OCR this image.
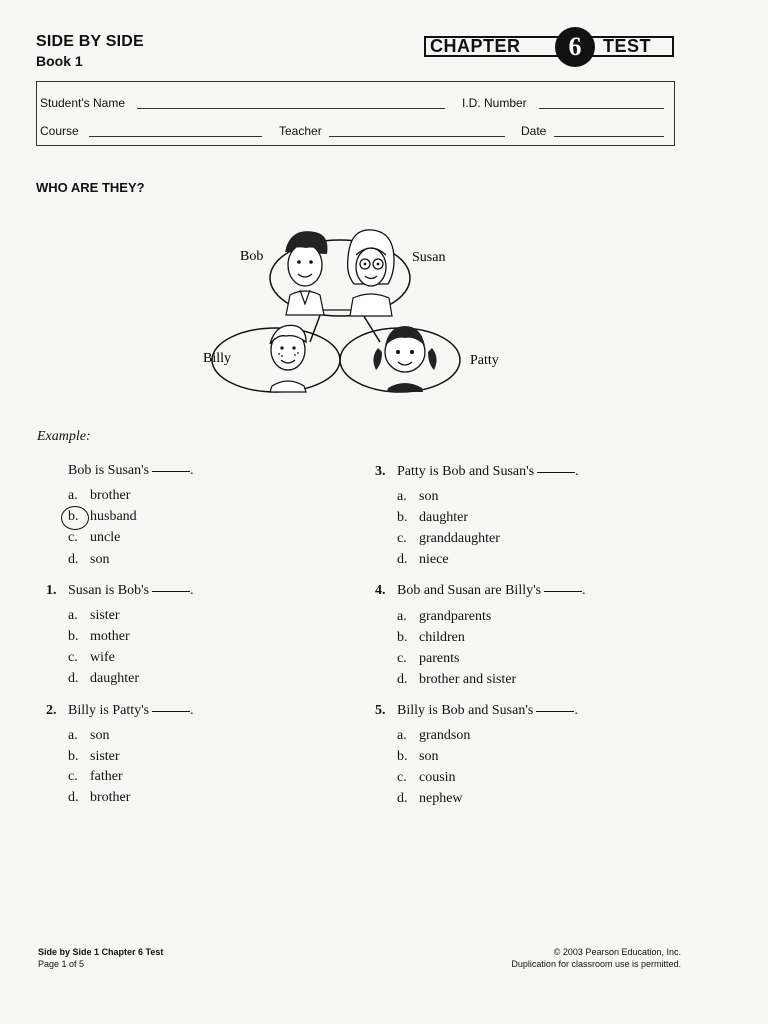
SIDE BY SIDE
Book 1
CHAPTER	6	TEST
Student's Name	I.D. Number
Course	Teacher	Date
WHO ARE THEY?
Bob	Susan
Billy	Patty
Example:
Bob is Susan's	.
a. brother
b. husband
c. uncle
d. son
1. Susan is Bob's	.
a. sister
b. mother
c. wife
d. daughter
2. Billy is Patty's	.
a. son
b. sister
c. father
d. brother
3. Patty is Bob and Susan's	.
a. son
b. daughter
c. granddaughter
d. niece
4. Bob and Susan are Billy's	.
a. grandparents
b. children
c. parents
d. brother and sister
5. Billy is Bob and Susan's	.
a. grandson
b. son
c. cousin
d. nephew
Side by Side 1 Chapter 6 Test
Page 1 of 5
© 2003 Pearson Education, Inc.
Duplication for classroom use is permitted.
